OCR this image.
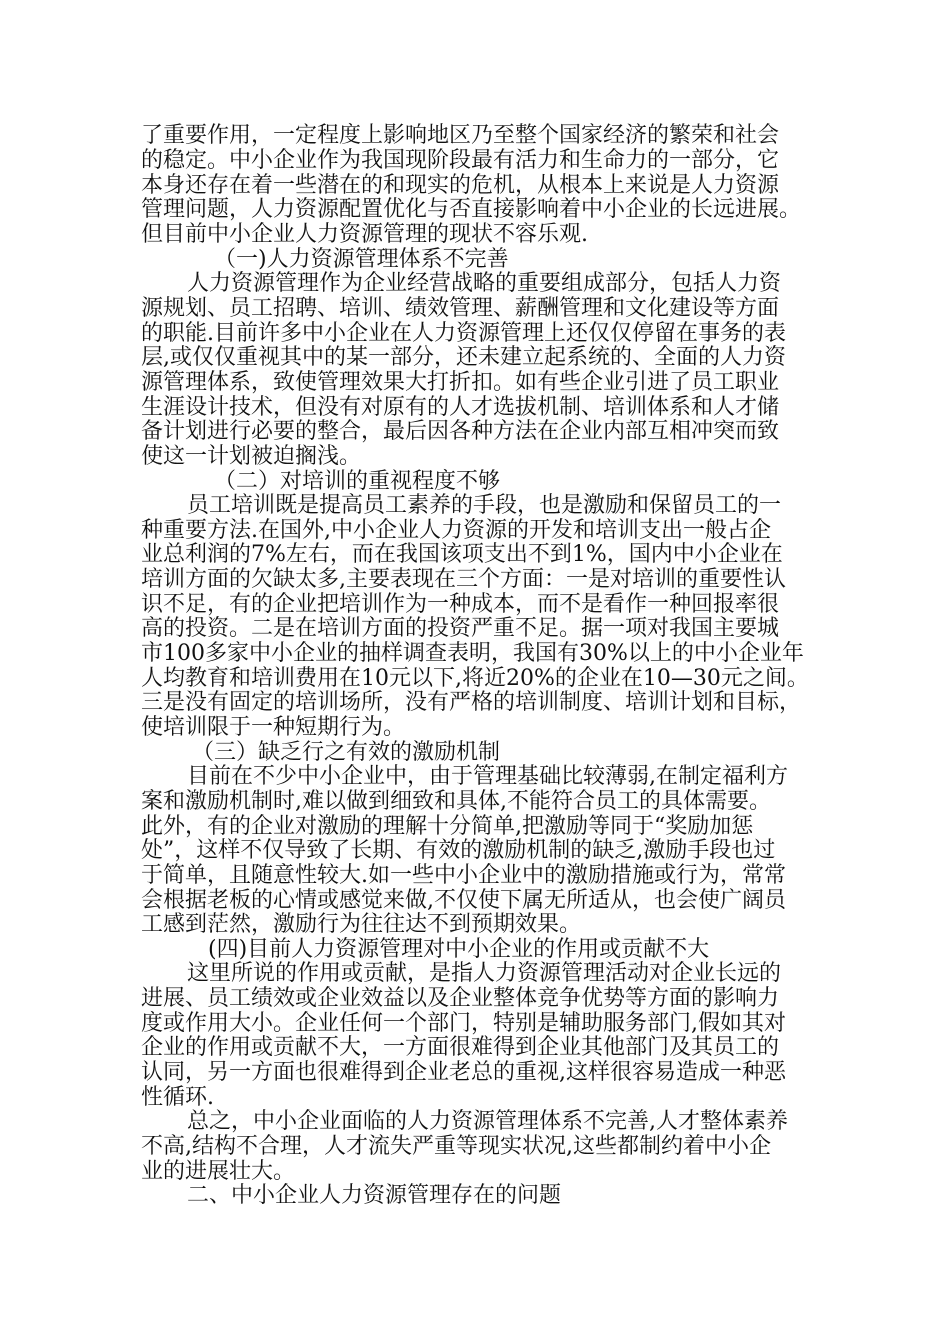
了重要作用，一定程度上影响地区乃至整个国家经济的繁荣和社会
的稳定。中小企业作为我国现阶段最有活力和生命力的一部分，它
本身还存在着一些潜在的和现实的危机，从根本上来说是人力资源
管理问题，人力资源配置优化与否直接影响着中小企业的长远进展。
但目前中小企业人力资源管理的现状不容乐观.
（一)人力资源管理体系不完善
人力资源管理作为企业经营战略的重要组成部分，包括人力资
源规划、员工招聘、培训、绩效管理、薪酬管理和文化建设等方面
的职能.目前许多中小企业在人力资源管理上还仅仅停留在事务的表
层,或仅仅重视其中的某一部分，还未建立起系统的、全面的人力资
源管理体系，致使管理效果大打折扣。如有些企业引进了员工职业
生涯设计技术，但没有对原有的人才选拔机制、培训体系和人才储
备计划进行必要的整合，最后因各种方法在企业内部互相冲突而致
使这一计划被迫搁浅。
（二）对培训的重视程度不够
员工培训既是提高员工素养的手段，也是激励和保留员工的一
种重要方法.在国外,中小企业人力资源的开发和培训支出一般占企
业总利润的7%左右，而在我国该项支出不到1%，国内中小企业在
培训方面的欠缺太多,主要表现在三个方面：一是对培训的重要性认
识不足，有的企业把培训作为一种成本，而不是看作一种回报率很
高的投资。二是在培训方面的投资严重不足。据一项对我国主要城
市100多家中小企业的抽样调查表明，我国有30%以上的中小企业年
人均教育和培训费用在10元以下,将近20%的企业在10—30元之间。
三是没有固定的培训场所，没有严格的培训制度、培训计划和目标，
使培训限于一种短期行为。
（三）缺乏行之有效的激励机制
目前在不少中小企业中，由于管理基础比较薄弱,在制定福利方
案和激励机制时,难以做到细致和具体,不能符合员工的具体需要。
此外，有的企业对激励的理解十分简单,把激励等同于“奖励加惩
处”，这样不仅导致了长期、有效的激励机制的缺乏,激励手段也过
于简单，且随意性较大.如一些中小企业中的激励措施或行为，常常
会根据老板的心情或感觉来做,不仅使下属无所适从，也会使广阔员
工感到茫然，激励行为往往达不到预期效果。
(四)目前人力资源管理对中小企业的作用或贡献不大
这里所说的作用或贡献，是指人力资源管理活动对企业长远的
进展、员工绩效或企业效益以及企业整体竞争优势等方面的影响力
度或作用大小。企业任何一个部门，特别是辅助服务部门,假如其对
企业的作用或贡献不大，一方面很难得到企业其他部门及其员工的
认同，另一方面也很难得到企业老总的重视,这样很容易造成一种恶
性循环.
总之，中小企业面临的人力资源管理体系不完善,人才整体素养
不高,结构不合理，人才流失严重等现实状况,这些都制约着中小企
业的进展壮大。
二、中小企业人力资源管理存在的问题
